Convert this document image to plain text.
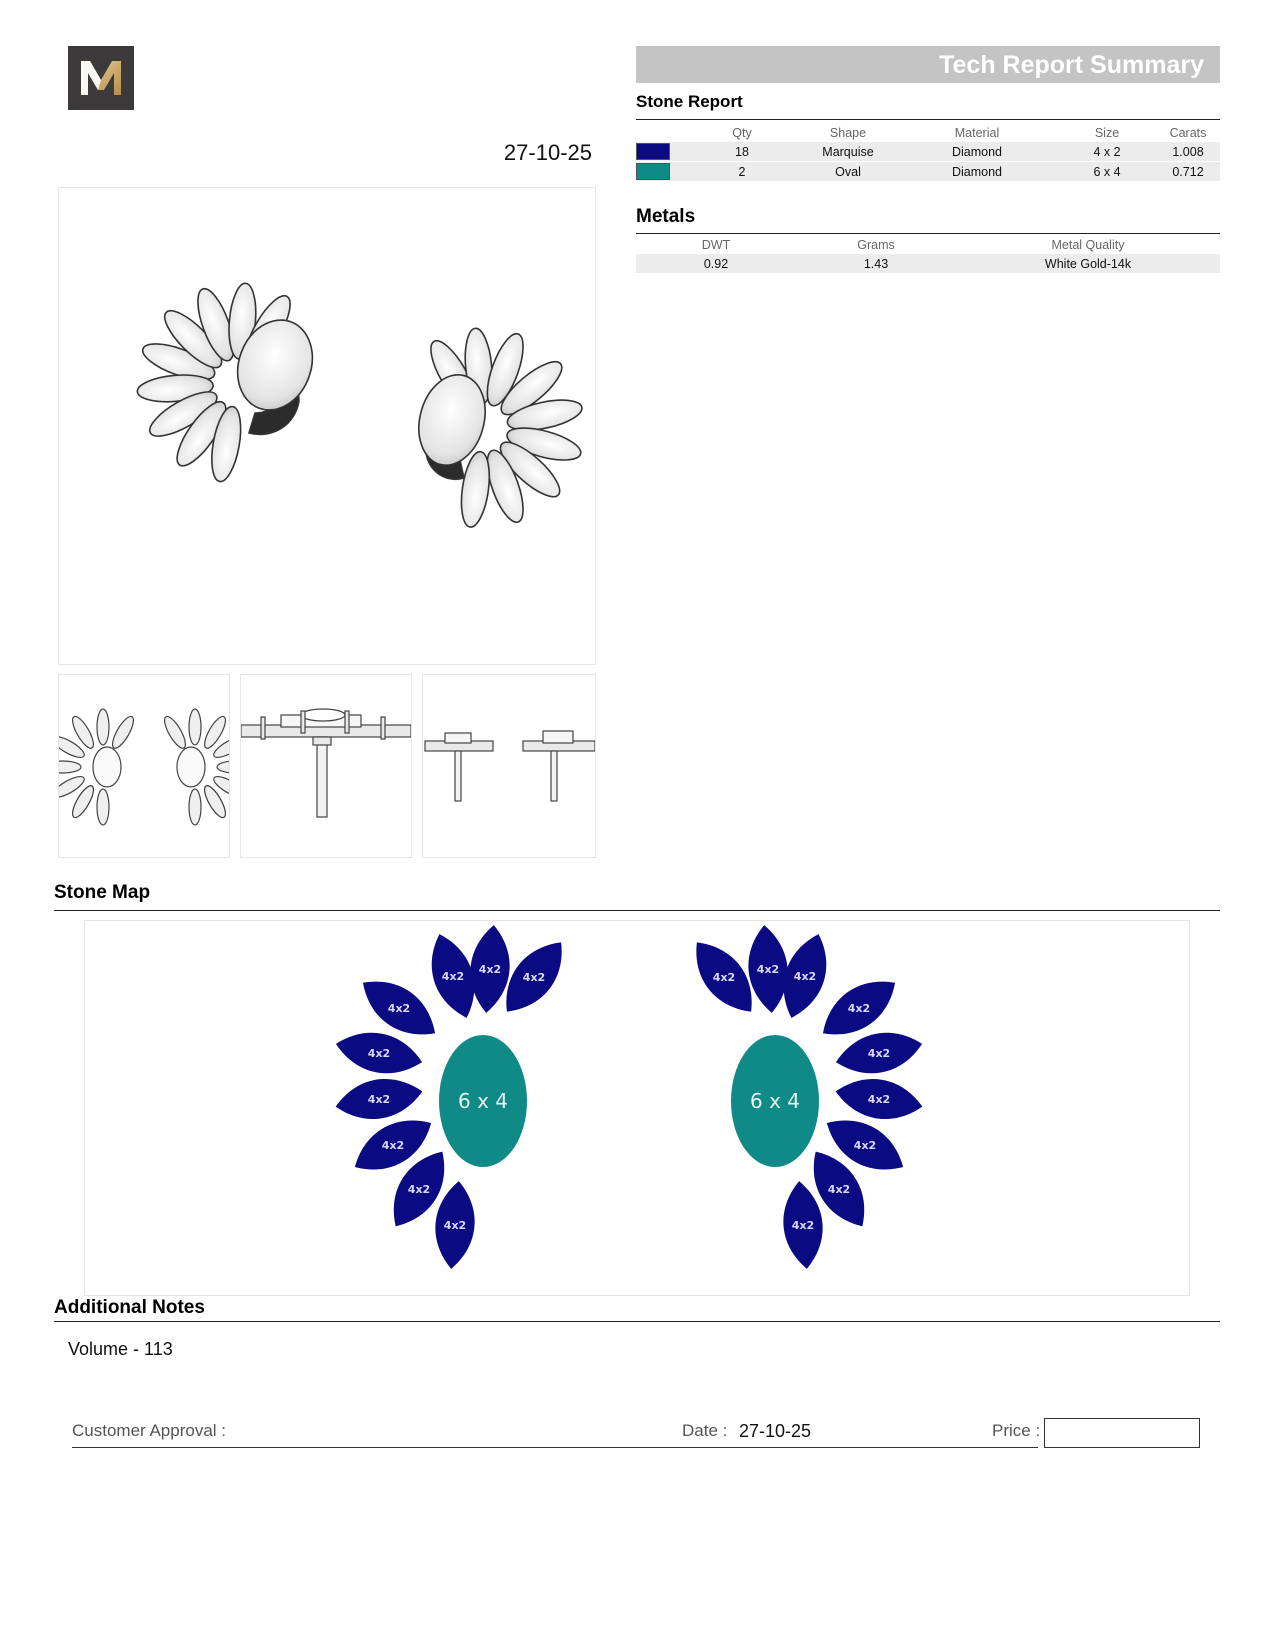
Tech Report Summary
27-10-25
Stone Report
	Qty	Shape	Material	Size	Carats

	18	Marquise	Diamond	4 x 2	1.008

	2	Oval	Diamond	6 x 4	0.712
Metals
DWT	Grams	Metal Quality
0.92	1.43	White Gold-14k
Stone Map
4x2
4x2
4x2
4x2
4x2
4x2
4x2
4x2
4x2
6 x 4
4x2
4x2
4x2
4x2
4x2
4x2
4x2
4x2
4x2
6 x 4
Additional Notes
Volume - 113
Customer Approval :	Date : 27-10-25	Price :
